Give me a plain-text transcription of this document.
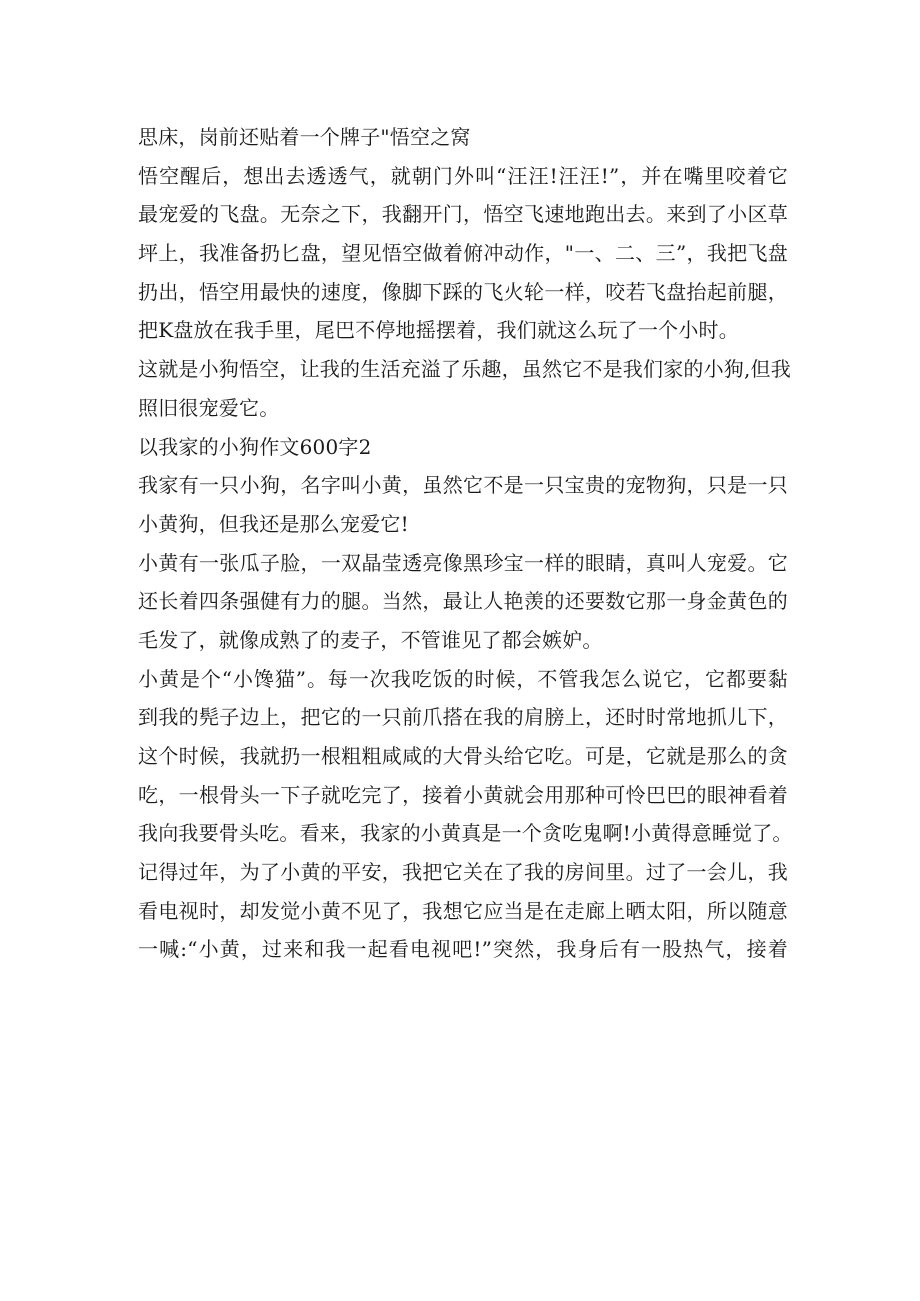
思床，岗前还贴着一个牌子"悟空之窝
悟空醒后，想出去透透气，就朝门外叫“汪汪!汪汪!”，并在嘴里咬着它
最宠爱的飞盘。无奈之下，我翻开门，悟空飞速地跑出去。来到了小区草
坪上，我准备扔匕盘，望见悟空做着俯冲动作，"一、二、三”，我把飞盘
扔出，悟空用最快的速度，像脚下踩的飞火轮一样，咬若飞盘抬起前腿，
把K盘放在我手里，尾巴不停地摇摆着，我们就这么玩了一个小时。
这就是小狗悟空，让我的生活充溢了乐趣，虽然它不是我们家的小狗,但我
照旧很宠爱它。
以我家的小狗作文600字2
我家有一只小狗，名字叫小黄，虽然它不是一只宝贵的宠物狗，只是一只
小黄狗，但我还是那么宠爱它!
小黄有一张瓜子脸，一双晶莹透亮像黑珍宝一样的眼睛，真叫人宠爱。它
还长着四条强健有力的腿。当然，最让人艳羡的还要数它那一身金黄色的
毛发了，就像成熟了的麦子，不管谁见了都会嫉妒。
小黄是个“小馋猫”。每一次我吃饭的时候，不管我怎么说它，它都要黏
到我的髡子边上，把它的一只前爪搭在我的肩膀上，还时时常地抓儿下，
这个时候，我就扔一根粗粗咸咸的大骨头给它吃。可是，它就是那么的贪
吃，一根骨头一下子就吃完了，接着小黄就会用那种可怜巴巴的眼神看着
我向我要骨头吃。看来，我家的小黄真是一个贪吃鬼啊!小黄得意睡觉了。
记得过年，为了小黄的平安，我把它关在了我的房间里。过了一会儿，我
看电视时，却发觉小黄不见了，我想它应当是在走廊上晒太阳，所以随意
一喊:“小黄，过来和我一起看电视吧!”突然，我身后有一股热气，接着
